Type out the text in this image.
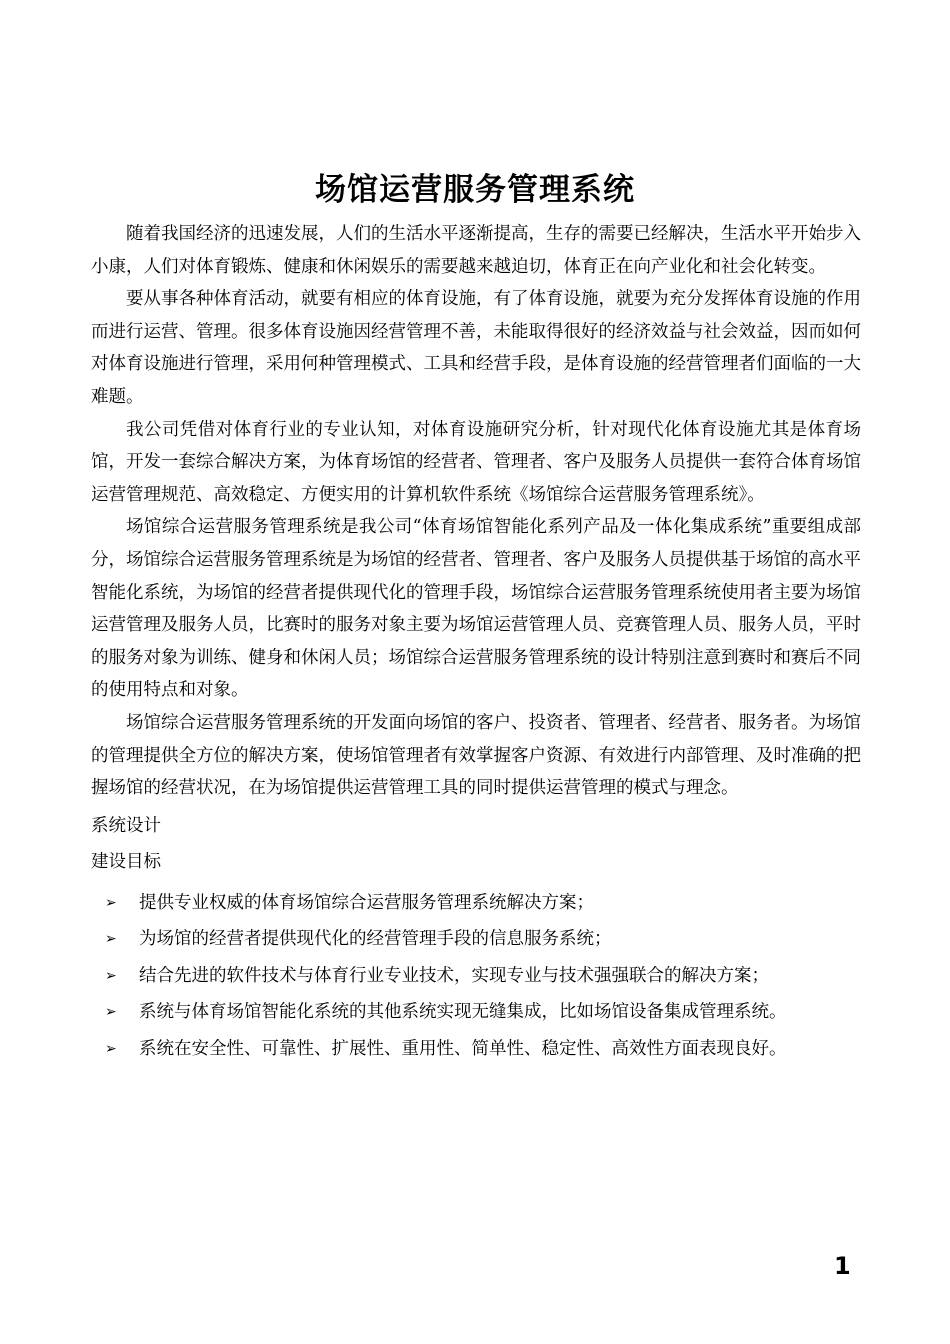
场馆运营服务管理系统

随着我国经济的迅速发展，人们的生活水平逐渐提高，生存的需要已经解决，生活水平开始步入小康，人们对体育锻炼、健康和休闲娱乐的需要越来越迫切，体育正在向产业化和社会化转变。

要从事各种体育活动，就要有相应的体育设施，有了体育设施，就要为充分发挥体育设施的作用而进行运营、管理。很多体育设施因经营管理不善，未能取得很好的经济效益与社会效益，因而如何对体育设施进行管理，采用何种管理模式、工具和经营手段，是体育设施的经营管理者们面临的一大难题。

我公司凭借对体育行业的专业认知，对体育设施研究分析，针对现代化体育设施尤其是体育场馆，开发一套综合解决方案，为体育场馆的经营者、管理者、客户及服务人员提供一套符合体育场馆运营管理规范、高效稳定、方便实用的计算机软件系统《场馆综合运营服务管理系统》。

场馆综合运营服务管理系统是我公司“体育场馆智能化系列产品及一体化集成系统”重要组成部分，场馆综合运营服务管理系统是为场馆的经营者、管理者、客户及服务人员提供基于场馆的高水平智能化系统，为场馆的经营者提供现代化的管理手段，场馆综合运营服务管理系统使用者主要为场馆运营管理及服务人员，比赛时的服务对象主要为场馆运营管理人员、竞赛管理人员、服务人员，平时的服务对象为训练、健身和休闲人员；场馆综合运营服务管理系统的设计特别注意到赛时和赛后不同的使用特点和对象。

场馆综合运营服务管理系统的开发面向场馆的客户、投资者、管理者、经营者、服务者。为场馆的管理提供全方位的解决方案，使场馆管理者有效掌握客户资源、有效进行内部管理、及时准确的把握场馆的经营状况，在为场馆提供运营管理工具的同时提供运营管理的模式与理念。

系统设计
建设目标
➢ 提供专业权威的体育场馆综合运营服务管理系统解决方案；
➢ 为场馆的经营者提供现代化的经营管理手段的信息服务系统；
➢ 结合先进的软件技术与体育行业专业技术，实现专业与技术强强联合的解决方案；
➢ 系统与体育场馆智能化系统的其他系统实现无缝集成，比如场馆设备集成管理系统。
➢ 系统在安全性、可靠性、扩展性、重用性、简单性、稳定性、高效性方面表现良好。
1
